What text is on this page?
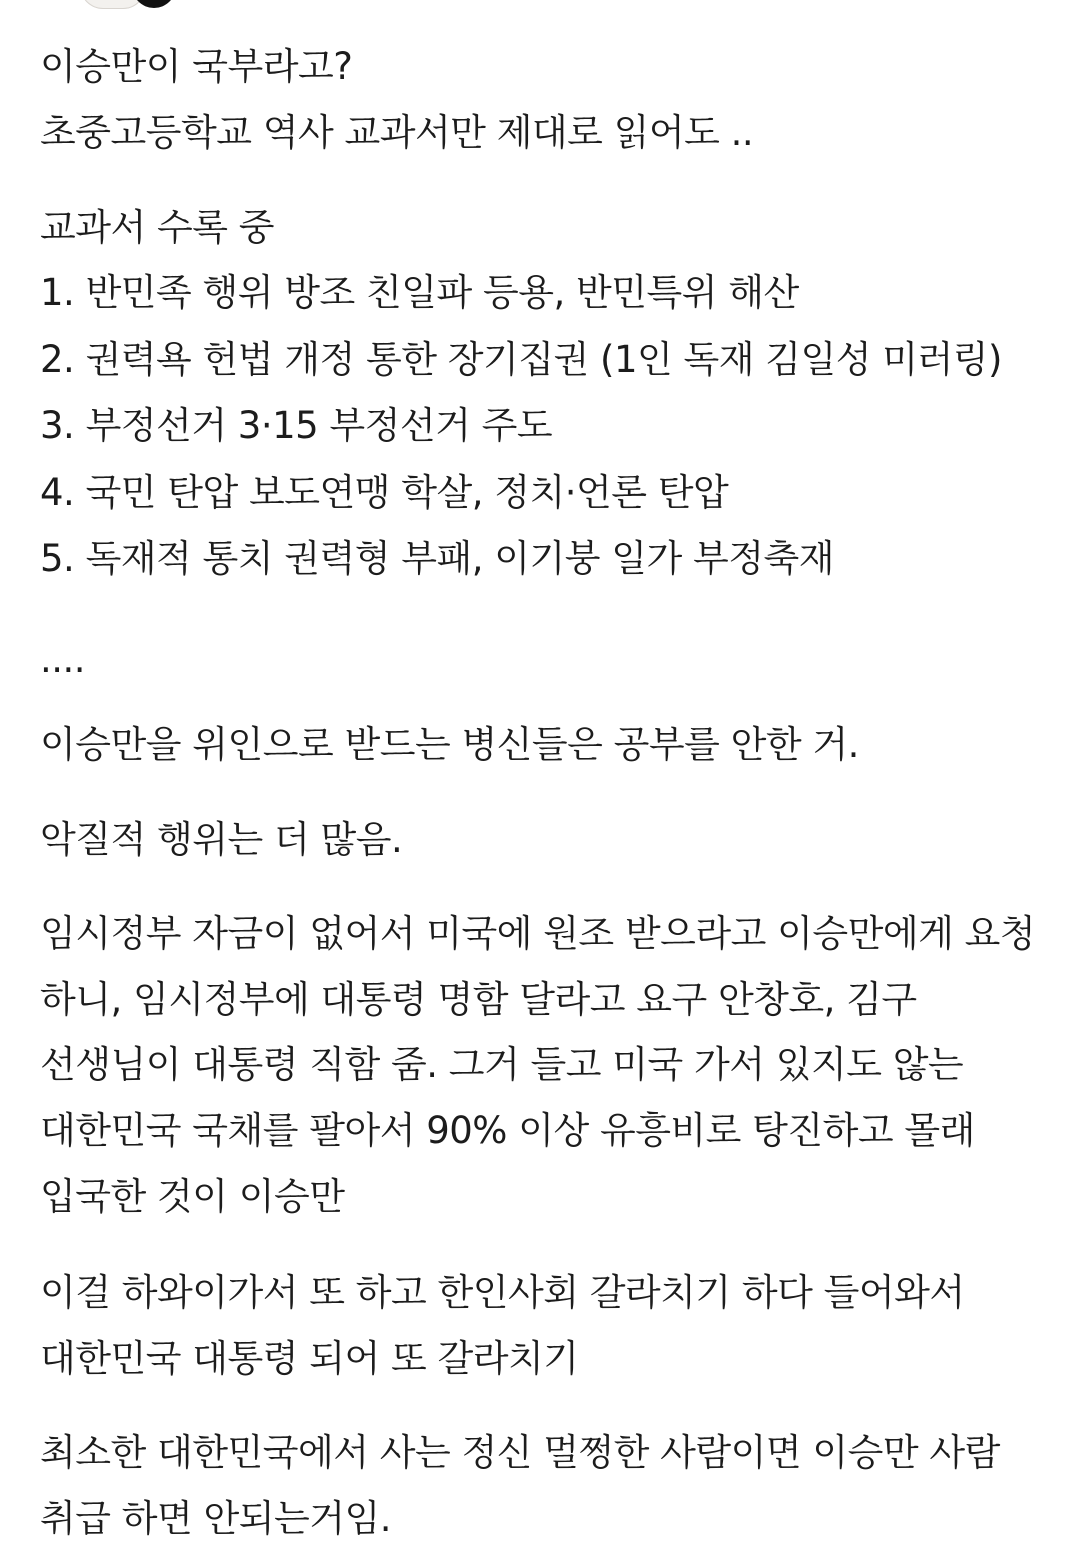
이승만이 국부라고?
초중고등학교 역사 교과서만 제대로 읽어도 ..
교과서 수록 중
1. 반민족 행위 방조 친일파 등용, 반민특위 해산
2. 권력욕 헌법 개정 통한 장기집권 (1인 독재 김일성 미러링)
3. 부정선거 3·15 부정선거 주도
4. 국민 탄압 보도연맹 학살, 정치·언론 탄압
5. 독재적 통치 권력형 부패, 이기붕 일가 부정축재
....
이승만을 위인으로 받드는 병신들은 공부를 안한 거.
악질적 행위는 더 많음.
임시정부 자금이 없어서 미국에 원조 받으라고 이승만에게 요청
하니, 임시정부에 대통령 명함 달라고 요구 안창호, 김구
선생님이 대통령 직함 줌. 그거 들고 미국 가서 있지도 않는
대한민국 국채를 팔아서 90% 이상 유흥비로 탕진하고 몰래
입국한 것이 이승만
이걸 하와이가서 또 하고 한인사회 갈라치기 하다 들어와서
대한민국 대통령 되어 또 갈라치기
최소한 대한민국에서 사는 정신 멀쩡한 사람이면 이승만 사람
취급 하면 안되는거임.
